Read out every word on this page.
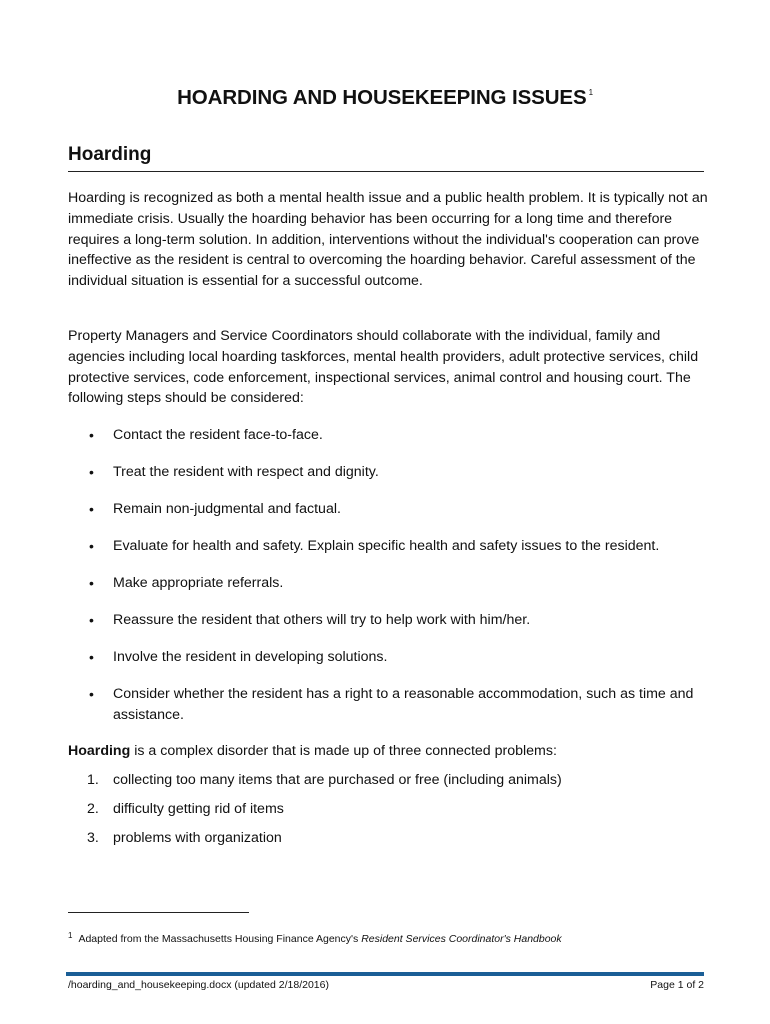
HOARDING AND HOUSEKEEPING ISSUES $^1$
Hoarding

Hoarding is recognized as both a mental health issue and a public health problem. It is typically not an immediate crisis. Usually the hoarding behavior has been occurring for a long time and therefore requires a long-term solution. In addition, interventions without the individual's cooperation can prove ineffective as the resident is central to overcoming the hoarding behavior. Careful assessment of the individual situation is essential for a successful outcome.

Property Managers and Service Coordinators should collaborate with the individual, family and agencies including local hoarding taskforces, mental health providers, adult protective services, child protective services, code enforcement, inspectional services, animal control and housing court. The following steps should be considered:

• Contact the resident face-to-face.
• Treat the resident with respect and dignity.
• Remain non-judgmental and factual.
• Evaluate for health and safety. Explain specific health and safety issues to the resident.
• Make appropriate referrals.
• Reassure the resident that others will try to help work with him/her.
• Involve the resident in developing solutions.
• Consider whether the resident has a right to a reasonable accommodation, such as time and assistance.

Hoarding is a complex disorder that is made up of three connected problems:

1. collecting too many items that are purchased or free (including animals)
2. difficulty getting rid of items
3. problems with organization
$^1$ Adapted from the Massachusetts Housing Finance Agency's Resident Services Coordinator's Handbook
/hoarding_and_housekeeping.docx (updated 2/18/2016)	Page 1 of 2
